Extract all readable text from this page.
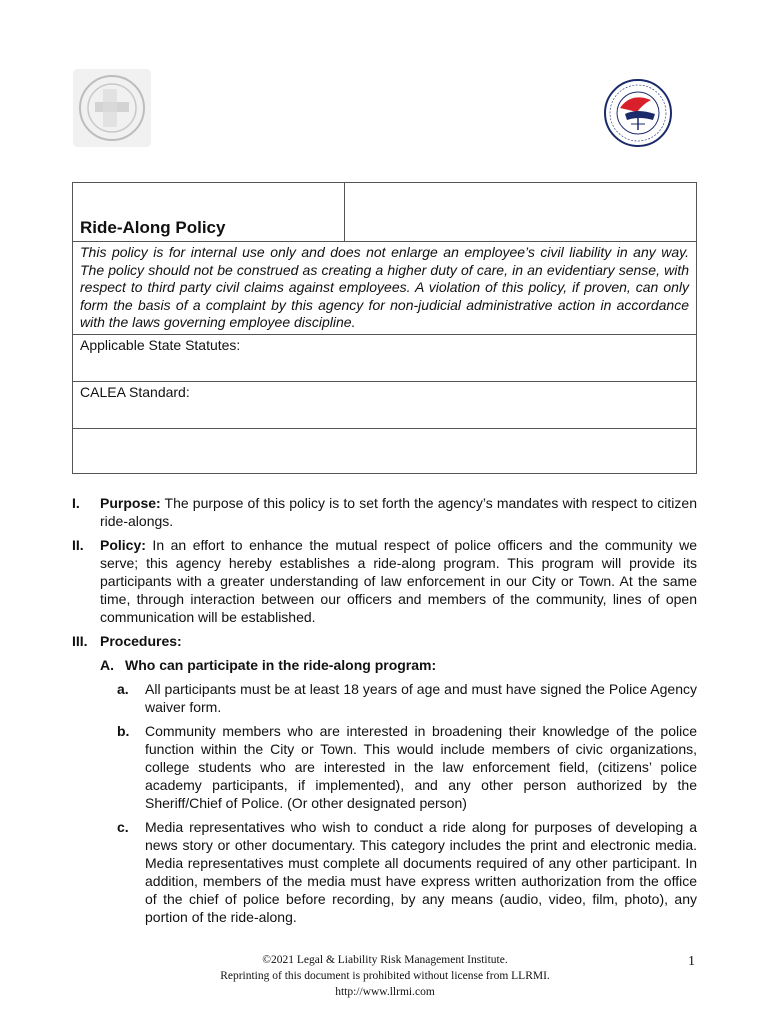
Ride-Along Policy

This policy is for internal use only and does not enlarge an employee’s civil liability in any way. The policy should not be construed as creating a higher duty of care, in an evidentiary sense, with respect to third party civil claims against employees. A violation of this policy, if proven, can only form the basis of a complaint by this agency for non-judicial administrative action in accordance with the laws governing employee discipline.

Applicable State Statutes:
CALEA Standard:

I.	Purpose: The purpose of this policy is to set forth the agency’s mandates with respect to citizen ride-alongs.
II.	Policy: In an effort to enhance the mutual respect of police officers and the community we serve; this agency hereby establishes a ride-along program. This program will provide its participants with a greater understanding of law enforcement in our City or Town. At the same time, through interaction between our officers and members of the community, lines of open communication will be established.
III. Procedures:
A. Who can participate in the ride-along program:
a.	All participants must be at least 18 years of age and must have signed the Police Agency waiver form.
b.	Community members who are interested in broadening their knowledge of the police function within the City or Town. This would include members of civic organizations, college students who are interested in the law enforcement field, (citizens’ police academy participants, if implemented), and any other person authorized by the Sheriff/Chief of Police. (Or other designated person)
c.	Media representatives who wish to conduct a ride along for purposes of developing a news story or other documentary. This category includes the print and electronic media. Media representatives must complete all documents required of any other participant. In addition, members of the media must have express written authorization from the office of the chief of police before recording, by any means (audio, video, film, photo), any portion of the ride-along.
©2021 Legal & Liability Risk Management Institute.
Reprinting of this document is prohibited without license from LLRMI.
http://www.llrmi.com
1
